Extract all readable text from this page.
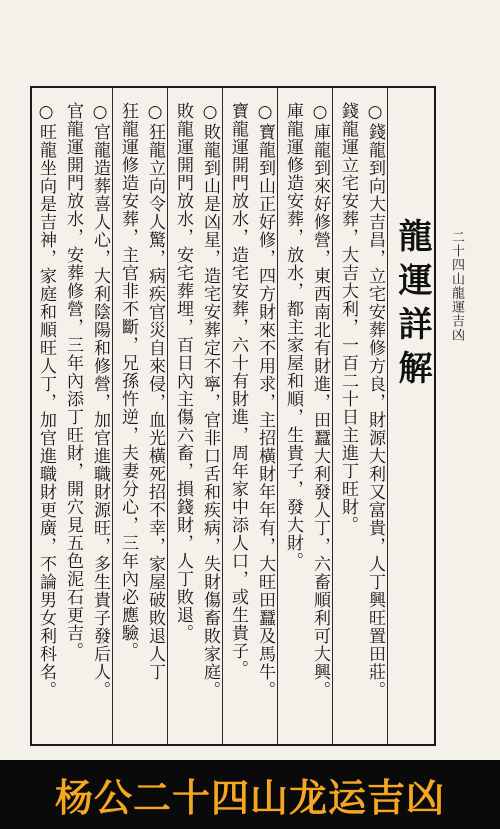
二十四山龍運吉凶

○錢龍到向大吉昌，立宅安葬修方良，財源大利又富貴，人丁興旺置田莊。

錢龍運立宅安葬，大吉大利，一百二十日主進丁旺財。

○庫龍到來好修營，東西南北有財進，田蠶大利發人丁，六畜順利可大興。

庫龍運修造安葬，放水，都主家屋和順，生貴子，發大財。

○寶龍到山正好修，四方財來不用求，主招橫財年年有，大旺田蠶及馬牛。

寶龍運開門放水，造宅安葬，六十有財進，周年家中添人口，或生貴子。

○敗龍到山是凶星，造宅安葬定不寧，官非口舌和疾病，失財傷畜敗家庭。

敗龍運開門放水，安宅葬埋，百日內主傷六畜，損錢財，人丁敗退。

○狂龍立向令人驚，病疾官災自來侵，血光橫死招不幸，家屋破敗退人丁

狂龍運修造安葬，主官非不斷，兄孫忤逆，夫妻分心，三年內必應驗。

○官龍造葬喜人心，大利陰陽和修營，加官進職財源旺，多生貴子發后人。

官龍運開門放水，安葬修營，三年內添丁旺財，開穴見五色泥石更吉。

○旺龍坐向是吉神，家庭和順旺人丁，加官進職財更廣，不論男女利科名。	龍運詳解
杨公二十四山龙运吉凶
